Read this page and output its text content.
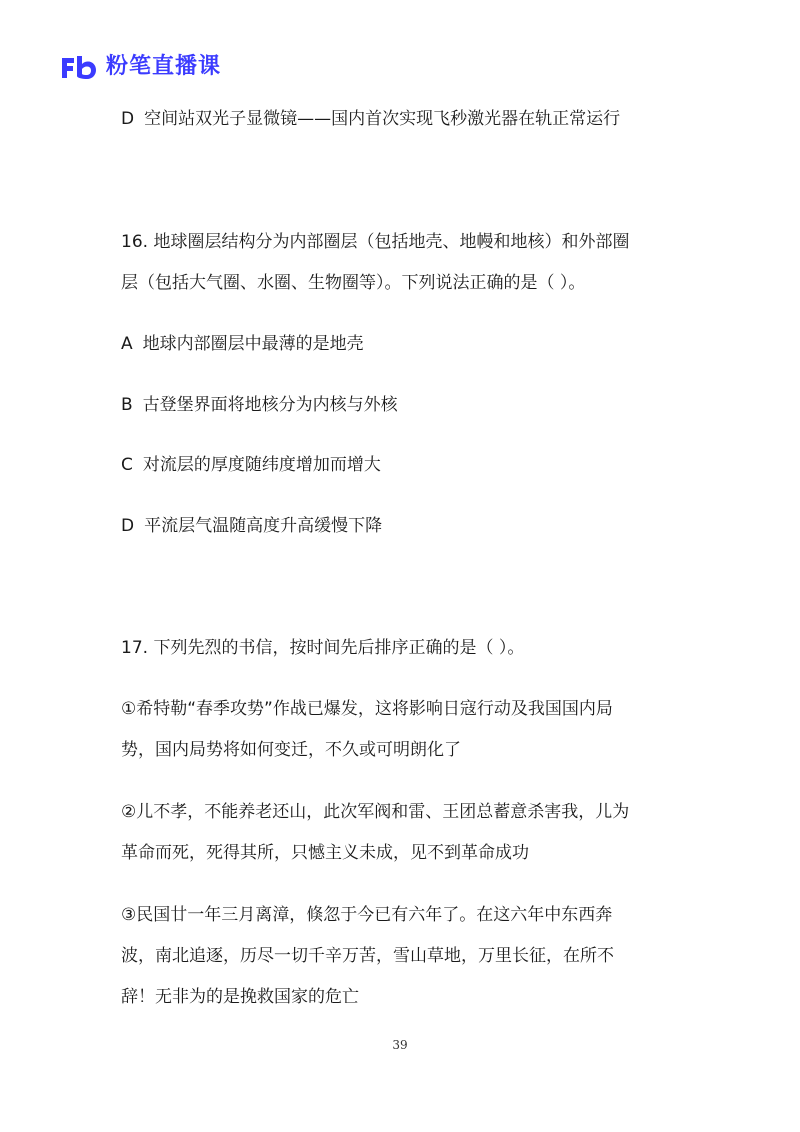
粉笔直播课
D 空间站双光子显微镜——国内首次实现飞秒激光器在轨正常运行
16. 地球圈层结构分为内部圈层（包括地壳、地幔和地核）和外部圈
层（包括大气圈、水圈、生物圈等）。下列说法正确的是（ ）。
A 地球内部圈层中最薄的是地壳
B 古登堡界面将地核分为内核与外核
C 对流层的厚度随纬度增加而增大
D 平流层气温随高度升高缓慢下降
17. 下列先烈的书信，按时间先后排序正确的是（ ）。
①希特勒“春季攻势”作战已爆发，这将影响日寇行动及我国国内局
势，国内局势将如何变迁，不久或可明朗化了
②儿不孝，不能养老还山，此次军阀和雷、王团总蓄意杀害我，儿为
革命而死，死得其所，只憾主义未成，见不到革命成功
③民国廿一年三月离漳，倏忽于今已有六年了。在这六年中东西奔
波，南北追逐，历尽一切千辛万苦，雪山草地，万里长征，在所不
辞！无非为的是挽救国家的危亡
39
